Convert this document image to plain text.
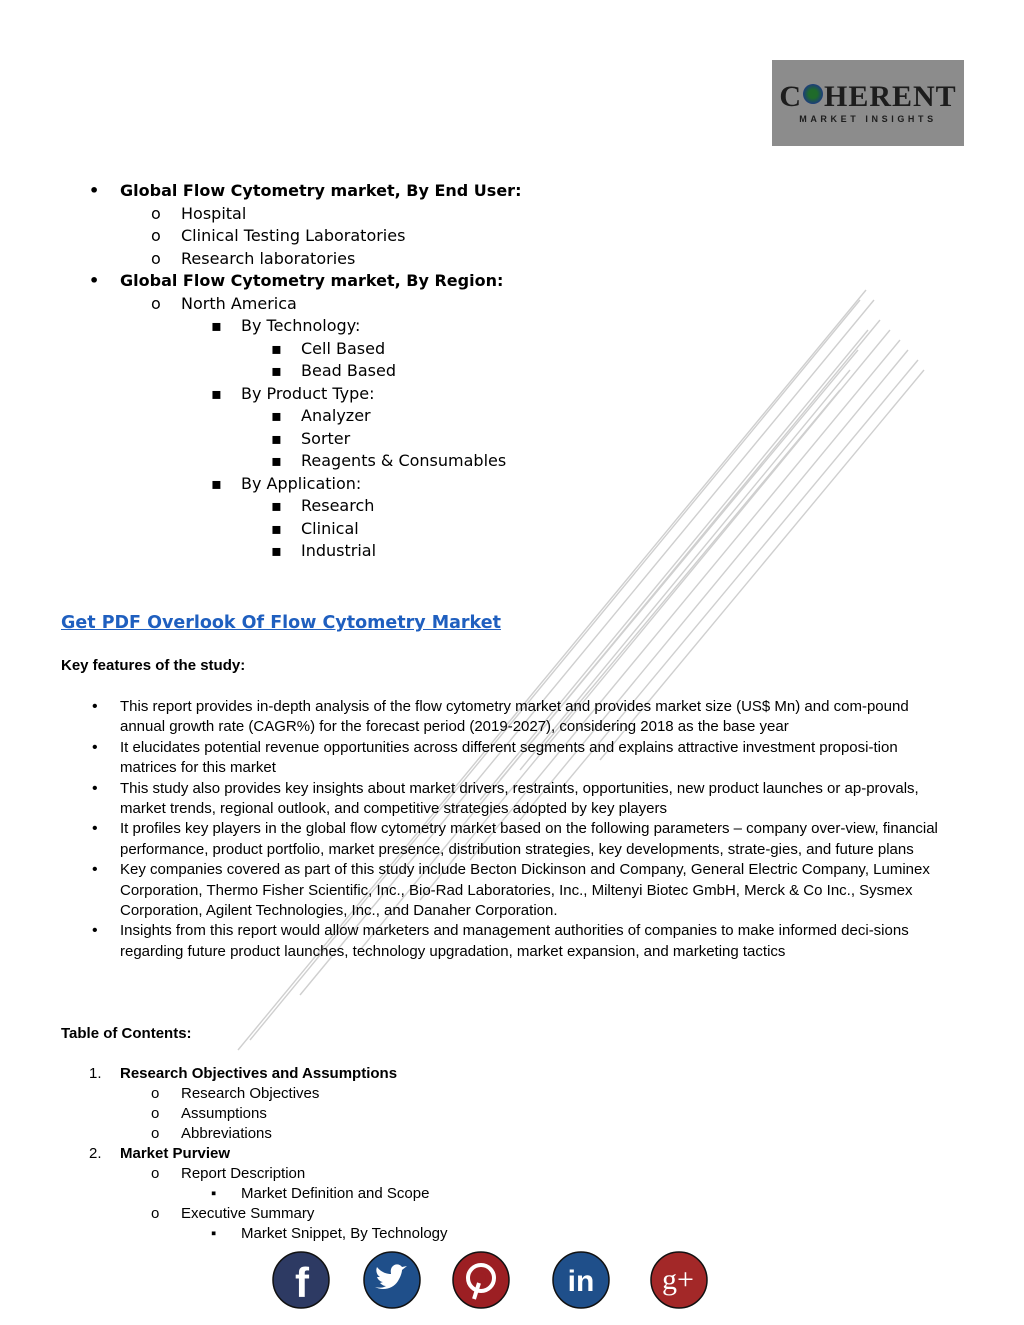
C HERENT
MARKET INSIGHTS
• Global Flow Cytometry market, By End User:
o Hospital
o Clinical Testing Laboratories
o Research laboratories
• Global Flow Cytometry market, By Region:
o North America
▪ By Technology:
▪ Cell Based
▪ Bead Based
▪ By Product Type:
▪ Analyzer
▪ Sorter
▪ Reagents & Consumables
▪ By Application:
▪ Research
▪ Clinical
▪ Industrial
Get PDF Overlook Of Flow Cytometry Market
Key features of the study:
• This report provides in-depth analysis of the flow cytometry market and provides market size (US$ Mn) and com-pound annual growth rate (CAGR%) for the forecast period (2019-2027), considering 2018 as the base year
• It elucidates potential revenue opportunities across different segments and explains attractive investment proposi-tion matrices for this market
• This study also provides key insights about market drivers, restraints, opportunities, new product launches or ap-provals, market trends, regional outlook, and competitive strategies adopted by key players
• It profiles key players in the global flow cytometry market based on the following parameters – company over-view, financial performance, product portfolio, market presence, distribution strategies, key developments, strate-gies, and future plans
• Key companies covered as part of this study include Becton Dickinson and Company, General Electric Company, Luminex Corporation, Thermo Fisher Scientific, Inc., Bio-Rad Laboratories, Inc., Miltenyi Biotec GmbH, Merck & Co Inc., Sysmex Corporation, Agilent Technologies, Inc., and Danaher Corporation.
• Insights from this report would allow marketers and management authorities of companies to make informed deci-sions regarding future product launches, technology upgradation, market expansion, and marketing tactics
Table of Contents:
1. Research Objectives and Assumptions
o Research Objectives
o Assumptions
o Abbreviations
2. Market Purview
o Report Description
▪ Market Definition and Scope
o Executive Summary
▪ Market Snippet, By Technology
f	in g+
